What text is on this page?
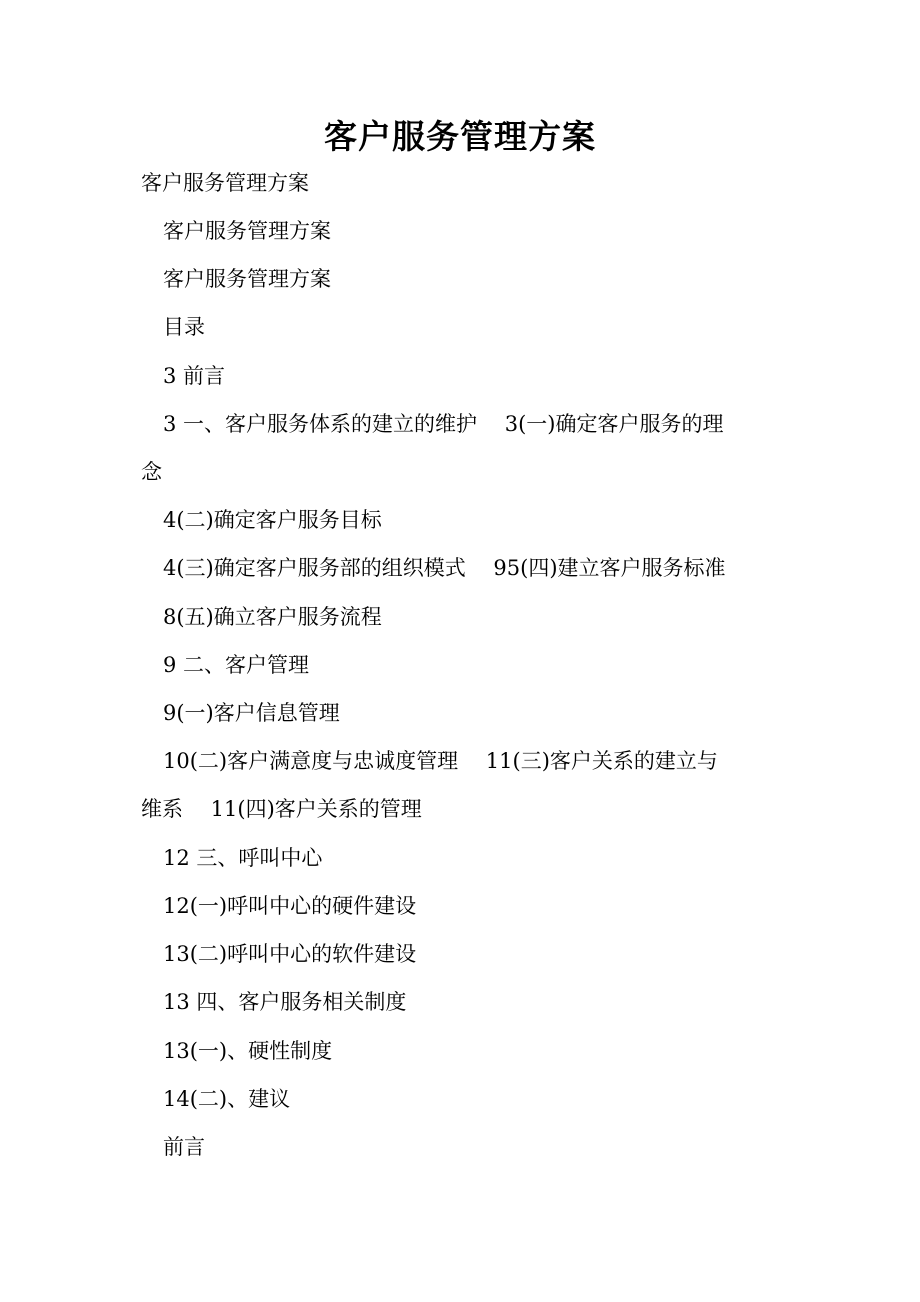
客户服务管理方案

客户服务管理方案

客户服务管理方案

客户服务管理方案

目录

3 前言

3 一、客户服务体系的建立的维护　 3(一)确定客户服务的理

念

4(二)确定客户服务目标

4(三)确定客户服务部的组织模式　 95(四)建立客户服务标准

8(五)确立客户服务流程

9 二、客户管理

9(一)客户信息管理

10(二)客户满意度与忠诚度管理　 11(三)客户关系的建立与

维系　 11(四)客户关系的管理

12 三、呼叫中心

12(一)呼叫中心的硬件建设

13(二)呼叫中心的软件建设

13 四、客户服务相关制度

13(一)、硬性制度

14(二)、建议

前言
